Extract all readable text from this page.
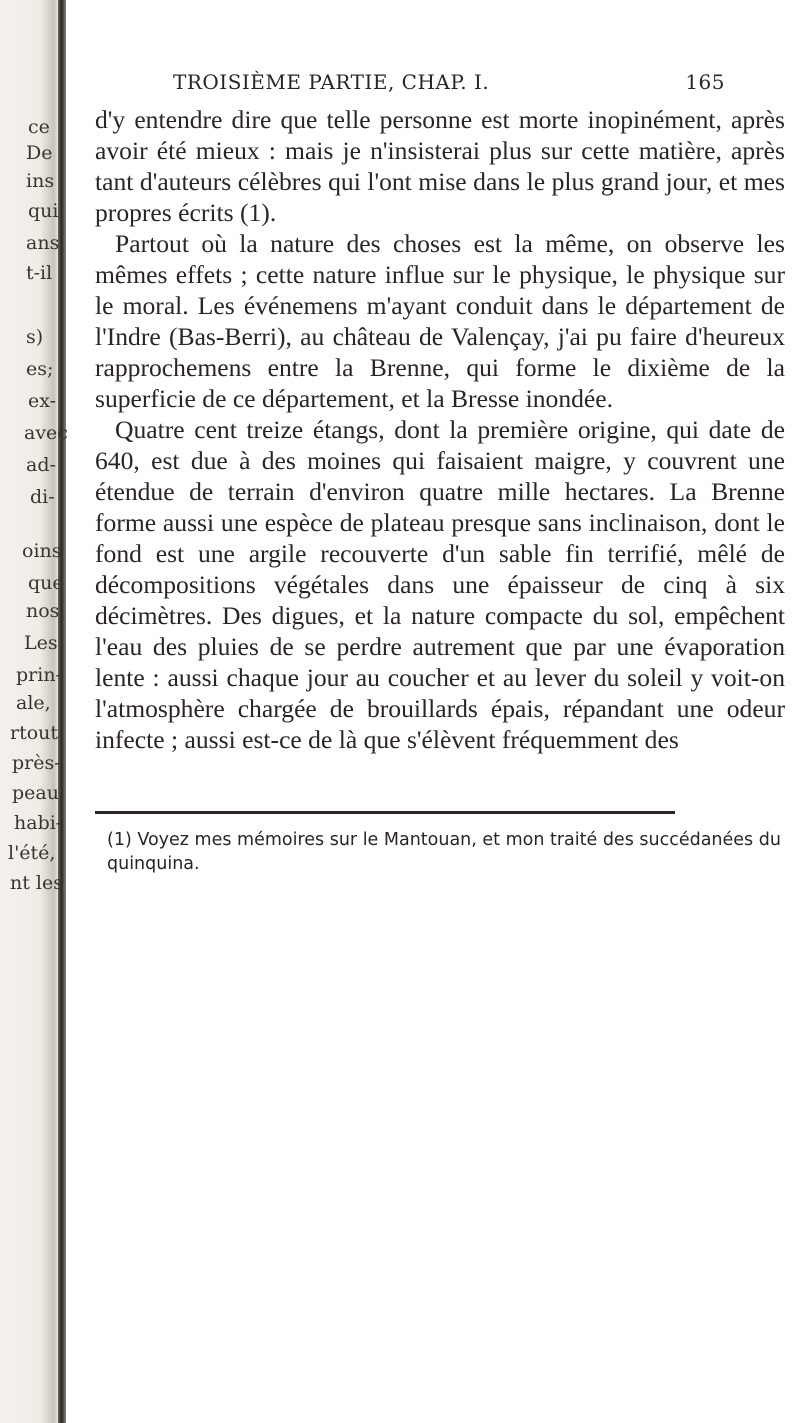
ce
De
ins
qui
ans
t-il
s)
es;
ex-
avec
ad-
di-
oins
que
nos
Les
prin-
ale,
rtout
près-
peau,
habi-
l'été,
nt les
TROISIÈME PARTIE, CHAP. I.	165

d'y entendre dire que telle personne est morte inopinément, après avoir été mieux : mais je n'insisterai plus sur cette matière, après tant d'auteurs célèbres qui l'ont mise dans le plus grand jour, et mes propres écrits (1).

Partout où la nature des choses est la même, on observe les mêmes effets ; cette nature influe sur le physique, le physique sur le moral. Les événemens m'ayant conduit dans le département de l'Indre (Bas-Berri), au château de Valençay, j'ai pu faire d'heureux rapprochemens entre la Brenne, qui forme le dixième de la superficie de ce département, et la Bresse inondée.

Quatre cent treize étangs, dont la première origine, qui date de 640, est due à des moines qui faisaient maigre, y couvrent une étendue de terrain d'environ quatre mille hectares. La Brenne forme aussi une espèce de plateau presque sans inclinaison, dont le fond est une argile recouverte d'un sable fin terrifié, mêlé de décompositions végétales dans une épaisseur de cinq à six décimètres. Des digues, et la nature compacte du sol, empêchent l'eau des pluies de se perdre autrement que par une évaporation lente : aussi chaque jour au coucher et au lever du soleil y voit-on l'atmosphère chargée de brouillards épais, répandant une odeur infecte ; aussi est-ce de là que s'élèvent fréquemment des

(1) Voyez mes mémoires sur le Mantouan, et mon traité des succédanées du quinquina.
